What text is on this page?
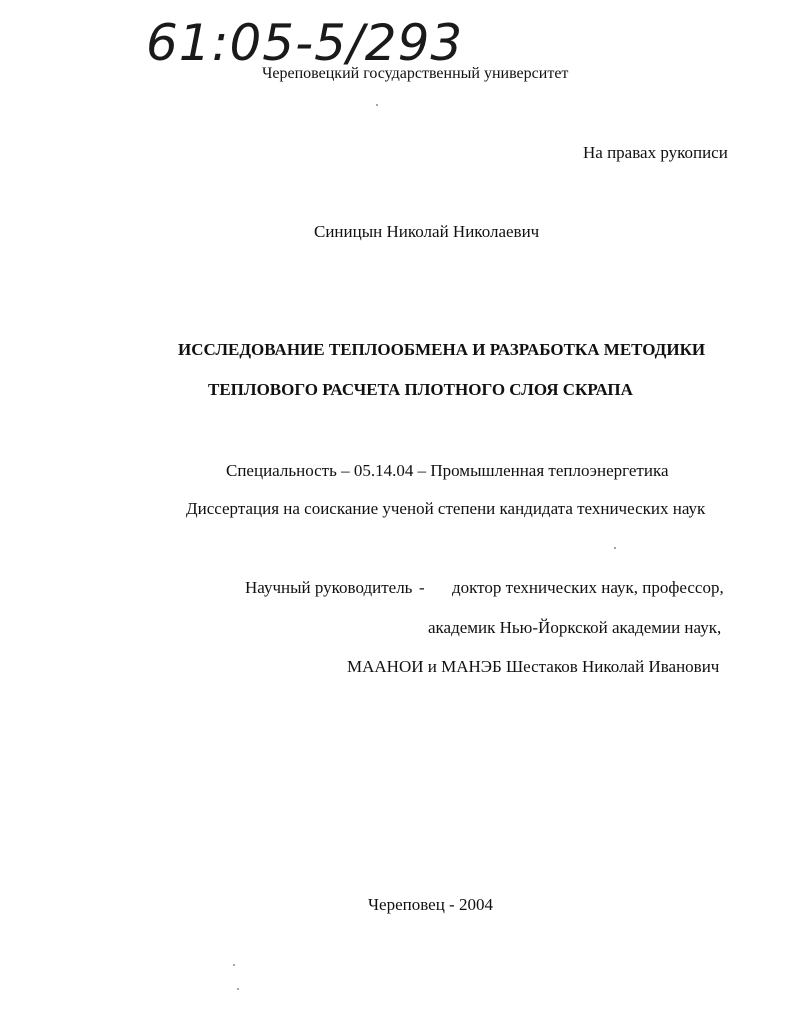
61:05-5/293
Череповецкий государственный университет
На правах рукописи
Синицын Николай Николаевич
ИССЛЕДОВАНИЕ ТЕПЛООБМЕНА И РАЗРАБОТКА МЕТОДИКИ
ТЕПЛОВОГО РАСЧЕТА ПЛОТНОГО СЛОЯ СКРАПА
Специальность – 05.14.04 – Промышленная теплоэнергетика
Диссертация на соискание ученой степени кандидата технических наук
Научный руководитель - доктор технических наук, профессор,
академик Нью-Йоркской академии наук,
МААНОИ и МАНЭБ Шестаков Николай Иванович
Череповец - 2004
